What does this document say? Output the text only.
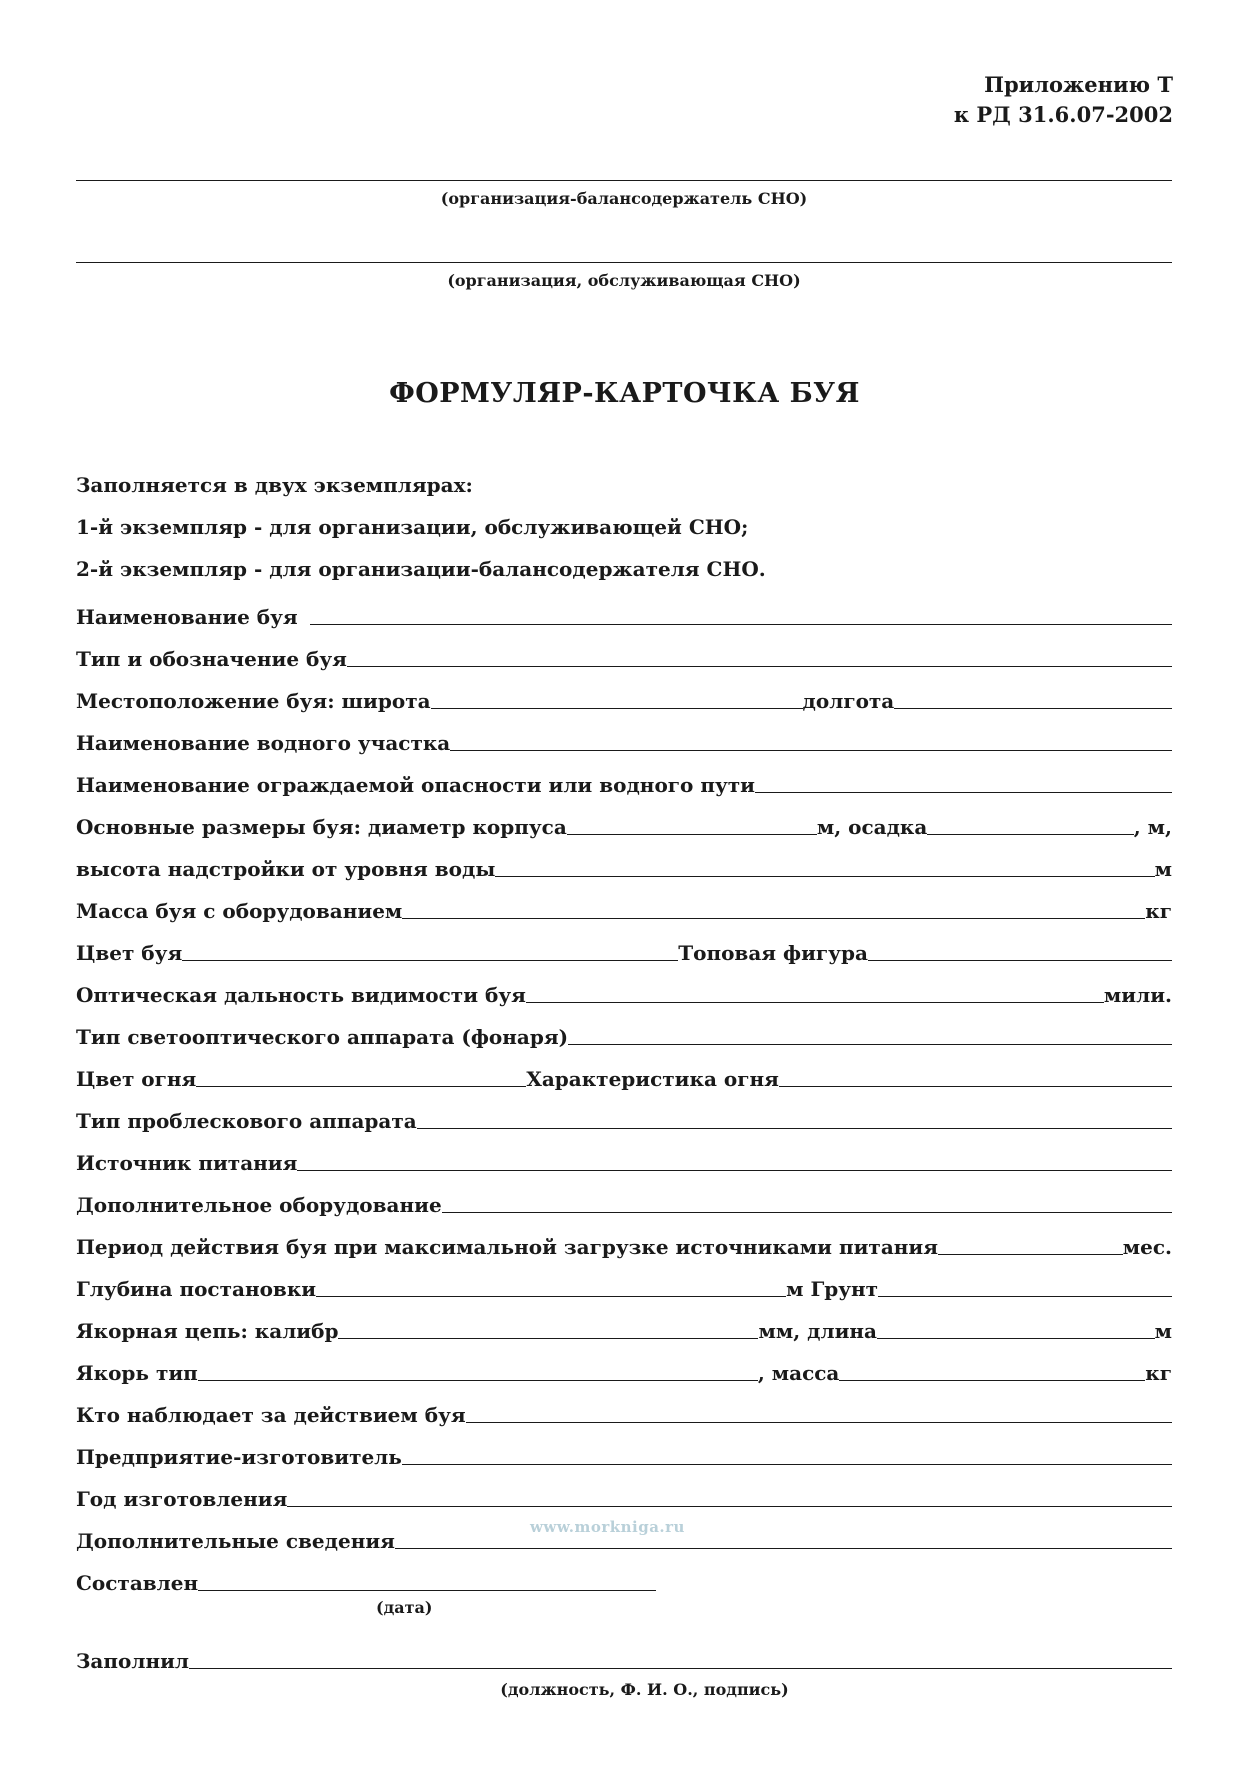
Приложению Т
к РД 31.6.07-2002
(организация-балансодержатель СНО)
(организация, обслуживающая СНО)
ФОРМУЛЯР-КАРТОЧКА БУЯ
Заполняется в двух экземплярах:
1-й экземпляр - для организации, обслуживающей СНО;
2-й экземпляр - для организации-балансодержателя СНО.
Наименование буя
Тип и обозначение буя
Местоположение буя: широта	долгота
Наименование водного участка
Наименование ограждаемой опасности или водного пути
Основные размеры буя: диаметр корпуса	м, осадка	, м,
высота надстройки от уровня воды	м
Масса буя с оборудованием	кг
Цвет буя	Топовая фигура
Оптическая дальность видимости буя	мили.
Тип светооптического аппарата (фонаря)
Цвет огня	Характеристика огня
Тип проблескового аппарата
Источник питания
Дополнительное оборудование
Период действия буя при максимальной загрузке источниками питания	мес.
Глубина постановки	м Грунт
Якорная цепь: калибр	мм, длина	м
Якорь тип	, масса	кг
Кто наблюдает за действием буя
Предприятие-изготовитель
Год изготовления
Дополнительные сведения
www.morkniga.ru
Составлен
(дата)
Заполнил
(должность, Ф. И. О., подпись)
